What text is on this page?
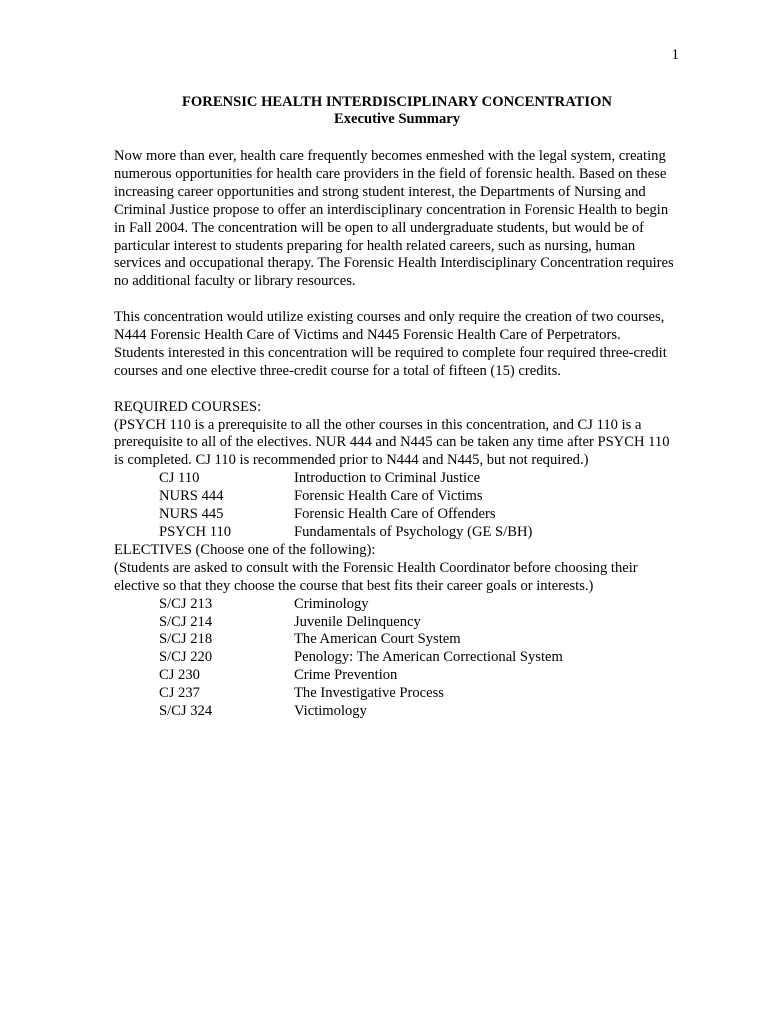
1
FORENSIC HEALTH INTERDISCIPLINARY CONCENTRATION
Executive Summary

Now more than ever, health care frequently becomes enmeshed with the legal system, creating numerous opportunities for health care providers in the field of forensic health. Based on these increasing career opportunities and strong student interest, the Departments of Nursing and Criminal Justice propose to offer an interdisciplinary concentration in Forensic Health to begin in Fall 2004. The concentration will be open to all undergraduate students, but would be of particular interest to students preparing for health related careers, such as nursing, human services and occupational therapy. The Forensic Health Interdisciplinary Concentration requires no additional faculty or library resources.

This concentration would utilize existing courses and only require the creation of two courses, N444 Forensic Health Care of Victims and N445 Forensic Health Care of Perpetrators. Students interested in this concentration will be required to complete four required three-credit courses and one elective three-credit course for a total of fifteen (15) credits.

REQUIRED COURSES:

(PSYCH 110 is a prerequisite to all the other courses in this concentration, and CJ 110 is a prerequisite to all of the electives. NUR 444 and N445 can be taken any time after PSYCH 110 is completed. CJ 110 is recommended prior to N444 and N445, but not required.)

CJ 110	Introduction to Criminal Justice
NURS 444	Forensic Health Care of Victims
NURS 445	Forensic Health Care of Offenders
PSYCH 110	Fundamentals of Psychology (GE S/BH)

ELECTIVES (Choose one of the following):

(Students are asked to consult with the Forensic Health Coordinator before choosing their elective so that they choose the course that best fits their career goals or interests.)

S/CJ 213	Criminology
S/CJ 214	Juvenile Delinquency
S/CJ 218	The American Court System
S/CJ 220	Penology: The American Correctional System
CJ 230	Crime Prevention
CJ 237	The Investigative Process
S/CJ 324	Victimology
